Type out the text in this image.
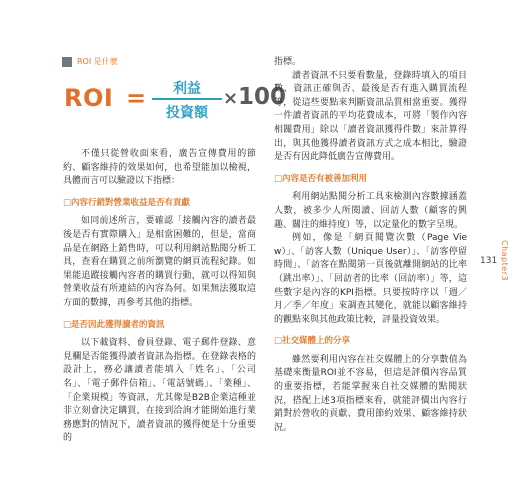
ROI 是什麼
ROI =	利益
投資額
× 100

不僅只從營收面來看，廣告宣傳費用的節約、顧客維持的效果如何，也希望能加以檢視，具體而言可以驗證以下指標：

□內容行銷對營業收益是否有貢獻

如同前述所言，要確認「接觸內容的讀者最後是否有實際購入」是相當困難的，但是，當商品是在網路上銷售時，可以利用網站點閱分析工具，查看在購買之前所瀏覽的網頁流程紀錄。如果能追蹤接觸內容者的購買行動，就可以得知與營業收益有所連結的內容為何。如果無法獲取這方面的數據，再參考其他的指標。

□是否因此獲得讀者的資訊

以下載資料、會員登錄、電子郵件登錄、意見欄是否能獲得讀者資訊為指標。在登錄表格的設計上，務必讓讀者能填入「姓名」、「公司名」、「電子郵件信箱」、「電話號碼」、「業種」、「企業規模」等資訊，尤其像是B2B企業這種並非立刻會決定購買，在接到洽詢才能開始進行業務應對的情況下，讀者資訊的獲得便是十分重要的

指標。

讀者資訊不只要看數量，登錄時填入的項目數、資訊正確與否、最後是否有進入購買流程等，從這些要點來判斷資訊品質相當重要。獲得一件讀者資訊的平均花費成本，可將「製作內容相關費用」除以「讀者資訊獲得件數」來計算得出，與其他獲得讀者資訊方式之成本相比，驗證是否有因此降低廣告宣傳費用。

□內容是否有被善加利用

利用網站點閱分析工具來檢測內容數據涵蓋人數，被多少人所閱讀、回訪人數（顧客的興趣、關注的維持度）等，以定量化的數字呈現。

例如，像是「網頁閱覽次數（Page View）」、「訪客人數（Unique User）」、「訪客停留時間」、「訪客在點閱第一頁後就離開網站的比率（跳出率）」、「回訪者的比率（回訪率）」等，這些數字是內容的KPI指標。只要按時序以「週／月／季／年度」來調查其變化，就能以顧客維持的觀點來與其他政策比較，評量投資效果。

□社交媒體上的分享

雖然要利用內容在社交媒體上的分享數值為基礎來衡量ROI並不容易，但這是評價內容品質的重要指標，若能掌握來自社交媒體的點閱狀況，搭配上述3項指標來看，就能評價出內容行銷對於營收的貢獻、費用節約效果、顧客維持狀況。

131 Chapter3
